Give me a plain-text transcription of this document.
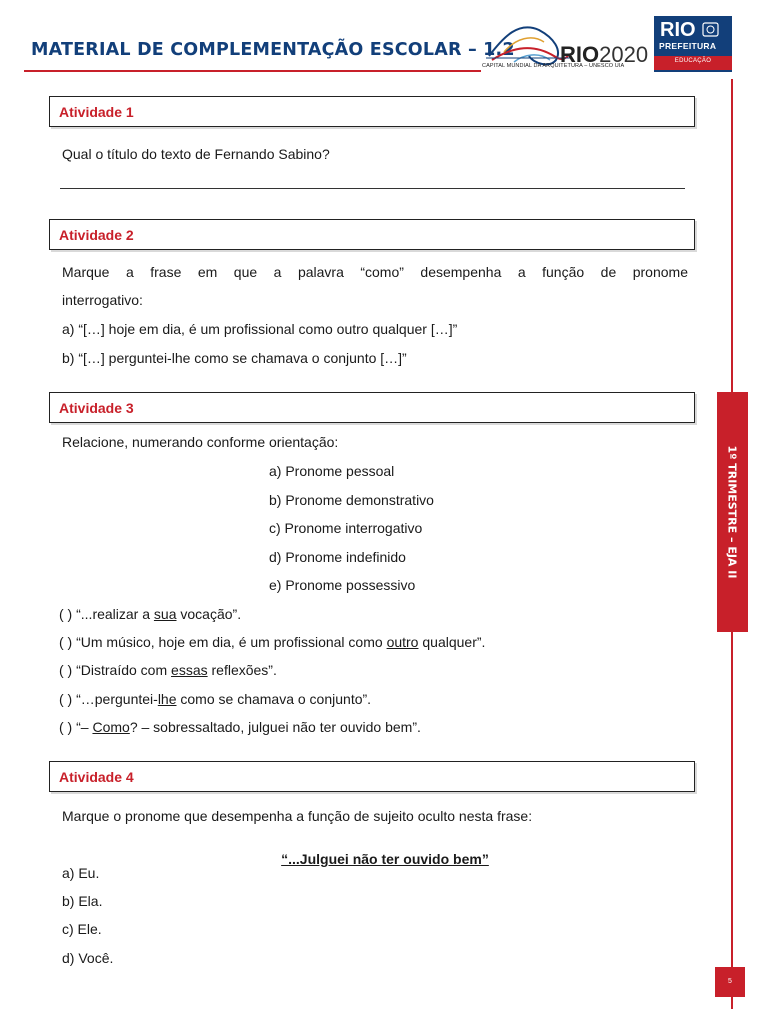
MATERIAL DE COMPLEMENTAÇÃO ESCOLAR – 1.2 RIO2020
CAPITAL MUNDIAL DA ARQUITETURA – UNESCO UIA
RIO
PREFEITURA
EDUCAÇÃO
1º TRIMESTRE – EJA II
5
Atividade 1

Qual o título do texto de Fernando Sabino?

Atividade 2

Marque a frase em que a palavra “como” desempenha a função de pronome

interrogativo:

a) “[…] hoje em dia, é um profissional como outro qualquer […]”

b) “[…] perguntei-lhe como se chamava o conjunto […]”

Atividade 3

Relacione, numerando conforme orientação:

a) Pronome pessoal

b) Pronome demonstrativo

c) Pronome interrogativo

d) Pronome indefinido

e) Pronome possessivo

( ) “...realizar a sua vocação”.

( ) “Um músico, hoje em dia, é um profissional como outro qualquer”.

( ) “Distraído com essas reflexões”.

( ) “…perguntei-lhe como se chamava o conjunto”.

( ) “– Como? – sobressaltado, julguei não ter ouvido bem”.

Atividade 4

Marque o pronome que desempenha a função de sujeito oculto nesta frase:

“...Julguei não ter ouvido bem”

a) Eu.

b) Ela.

c) Ele.

d) Você.
